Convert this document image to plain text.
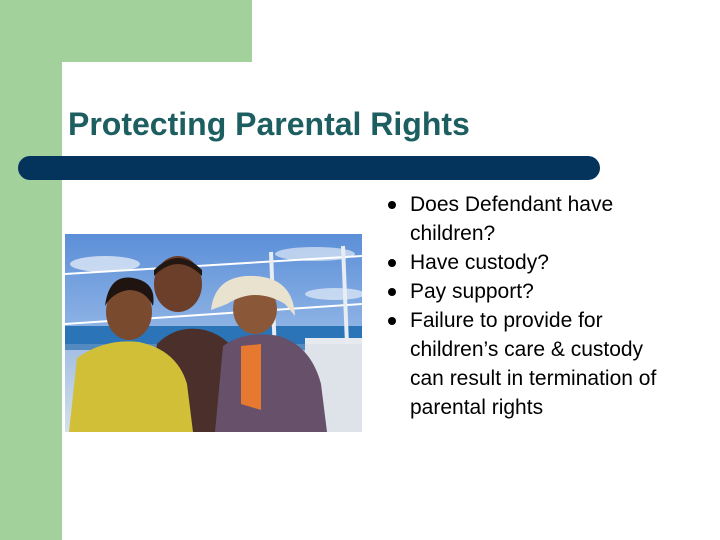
Protecting Parental Rights
Does Defendant have children?
Have custody?
Pay support?
Failure to provide for children’s care & custody can result in termination of parental rights
